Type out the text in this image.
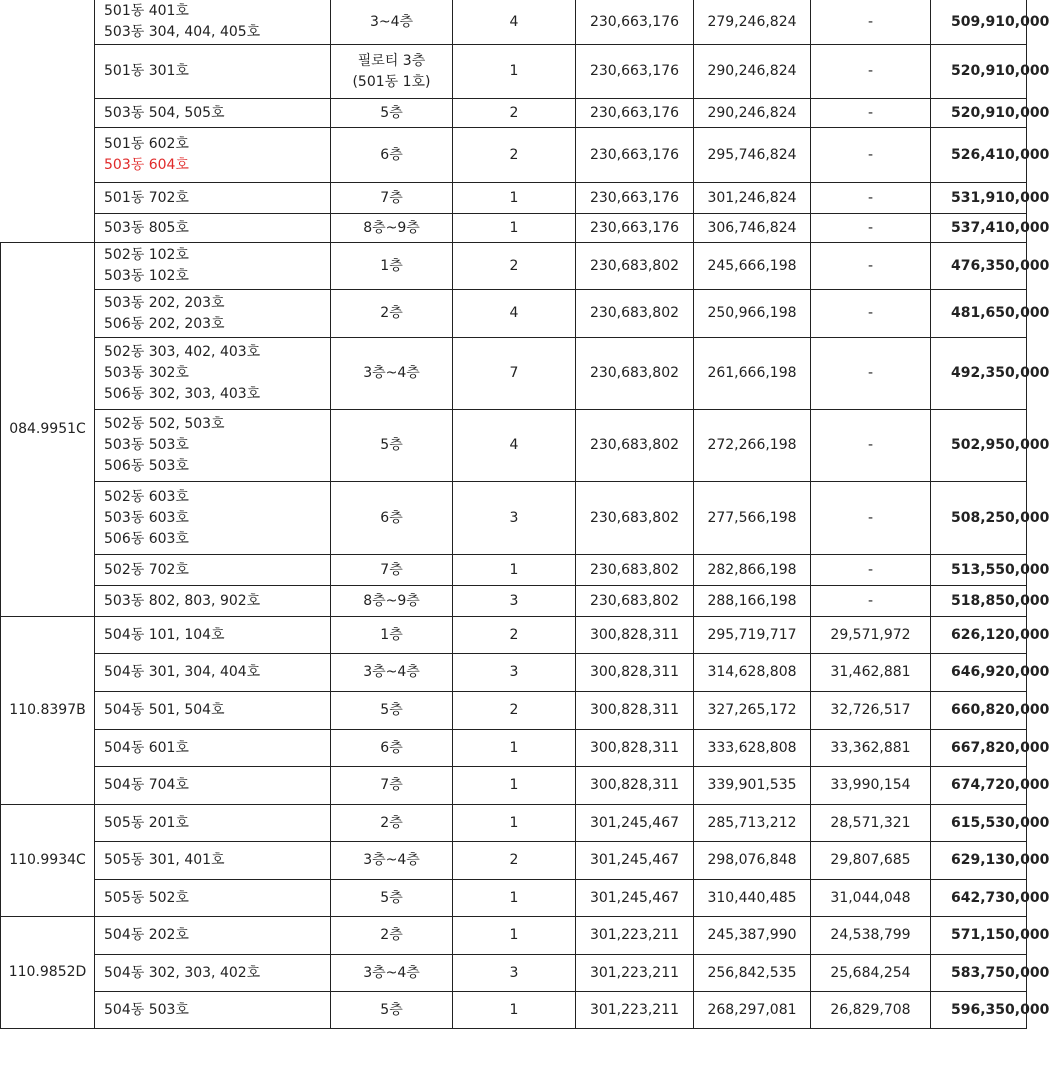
	501동 401호
503동 304, 404, 405호	3~4층	4	230,663,176	279,246,824	-	509,910,000

	501동 301호	필로티 3층
(501동 1호)	1	230,663,176	290,246,824	-	520,910,000

	503동 504, 505호	5층	2	230,663,176	290,246,824	-	520,910,000

	501동 602호
503동 604호	6층	2	230,663,176	295,746,824	-	526,410,000

	501동 702호	7층	1	230,663,176	301,246,824	-	531,910,000

	503동 805호	8층~9층	1	230,663,176	306,746,824	-	537,410,000
084.9951C	502동 102호
503동 102호	1층	2	230,683,802	245,666,198	-	476,350,000

	503동 202, 203호
506동 202, 203호	2층	4	230,683,802	250,966,198	-	481,650,000

	502동 303, 402, 403호
503동 302호
506동 302, 303, 403호	3층~4층	7	230,683,802	261,666,198	-	492,350,000

	502동 502, 503호
503동 503호
506동 503호	5층	4	230,683,802	272,266,198	-	502,950,000

	502동 603호
503동 603호
506동 603호	6층	3	230,683,802	277,566,198	-	508,250,000

	502동 702호	7층	1	230,683,802	282,866,198	-	513,550,000

	503동 802, 803, 902호	8층~9층	3	230,683,802	288,166,198	-	518,850,000
110.8397B	504동 101, 104호	1층	2	300,828,311	295,719,717	29,571,972	626,120,000

	504동 301, 304, 404호	3층~4층	3	300,828,311	314,628,808	31,462,881	646,920,000

	504동 501, 504호	5층	2	300,828,311	327,265,172	32,726,517	660,820,000

	504동 601호	6층	1	300,828,311	333,628,808	33,362,881	667,820,000

	504동 704호	7층	1	300,828,311	339,901,535	33,990,154	674,720,000
110.9934C	505동 201호	2층	1	301,245,467	285,713,212	28,571,321	615,530,000

	505동 301, 401호	3층~4층	2	301,245,467	298,076,848	29,807,685	629,130,000

	505동 502호	5층	1	301,245,467	310,440,485	31,044,048	642,730,000
110.9852D	504동 202호	2층	1	301,223,211	245,387,990	24,538,799	571,150,000

	504동 302, 303, 402호	3층~4층	3	301,223,211	256,842,535	25,684,254	583,750,000

	504동 503호	5층	1	301,223,211	268,297,081	26,829,708	596,350,000
